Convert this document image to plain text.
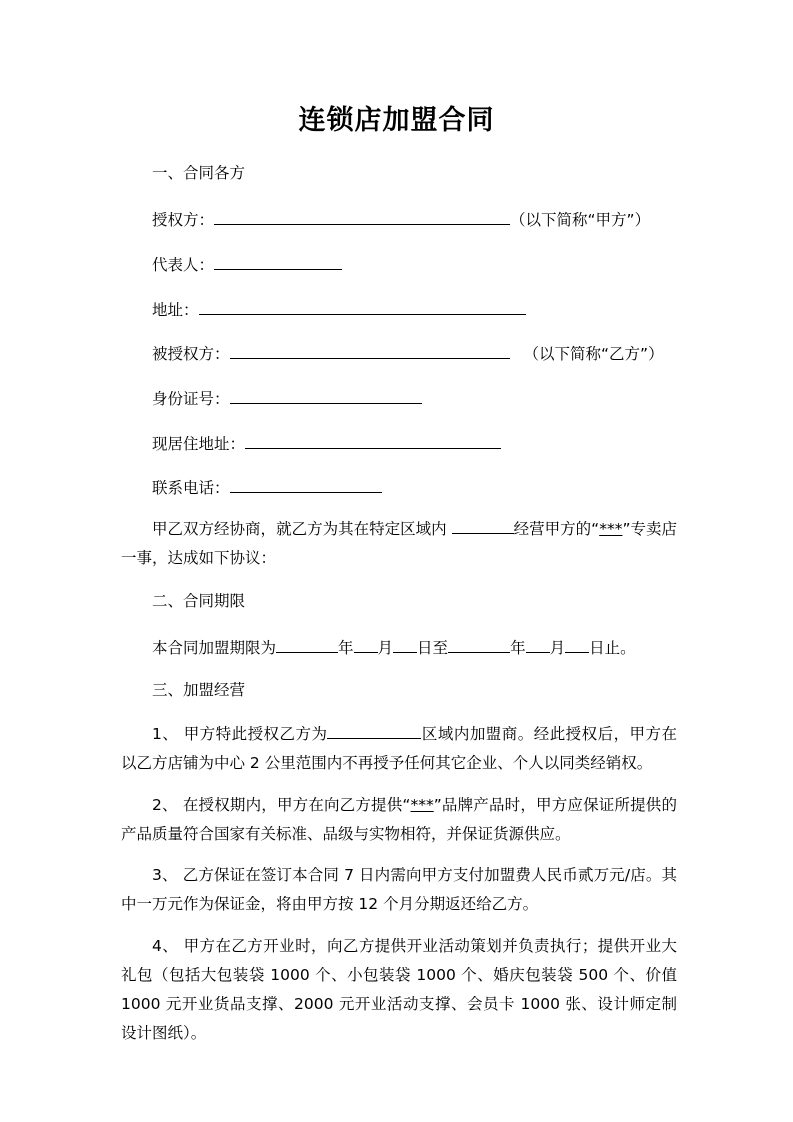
连锁店加盟合同
一、合同各方
授权方：	（以下简称“甲方”）
代表人：
地址：
被授权方：	（以下简称“乙方”）
身份证号：
现居住地址：
联系电话：
甲乙双方经协商，就乙方为其在特定区域内	经营甲方的“***”专卖店一事，达成如下协议：
二、合同期限
本合同加盟期限为	年 月 日至	年 月 日止。
三、加盟经营
1、 甲方特此授权乙方为	区域内加盟商。经此授权后，甲方在以乙方店铺为中心 2 公里范围内不再授予任何其它企业、个人以同类经销权。
2、 在授权期内，甲方在向乙方提供“***”品牌产品时，甲方应保证所提供的产品质量符合国家有关标准、品级与实物相符，并保证货源供应。
3、 乙方保证在签订本合同 7 日内需向甲方支付加盟费人民币贰万元/店。其中一万元作为保证金，将由甲方按 12 个月分期返还给乙方。
4、 甲方在乙方开业时，向乙方提供开业活动策划并负责执行；提供开业大礼包（包括大包装袋 1000 个、小包装袋 1000 个、婚庆包装袋 500 个、价值 1000 元开业货品支撑、2000 元开业活动支撑、会员卡 1000 张、设计师定制设计图纸）。
